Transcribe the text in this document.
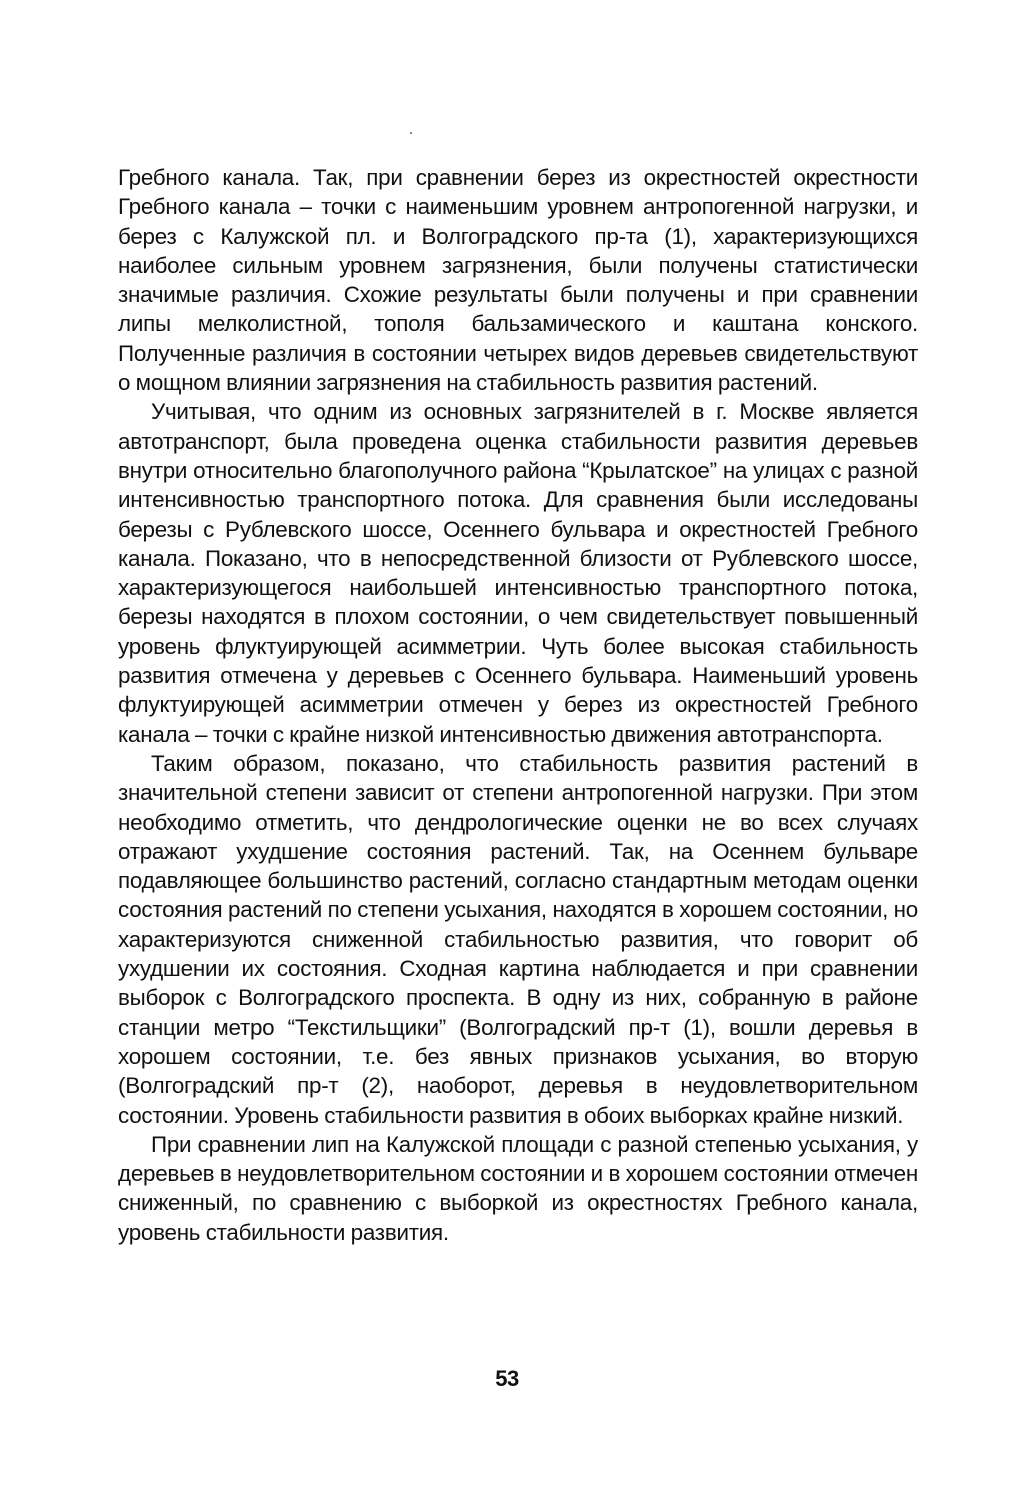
Гребного канала. Так, при сравнении берез из окрестностей окрестности Гребного канала – точки с наименьшим уровнем антропогенной нагрузки, и берез с Калужской пл. и Волгоградского пр-та (1), характеризующихся наиболее сильным уровнем загрязнения, были получены статистически значимые различия. Схожие результаты были получены и при сравнении липы мелколистной, тополя бальзамического и каштана конского. Полученные различия в состоянии четырех видов деревьев свидетельствуют о мощном влиянии загрязнения на стабильность развития растений.

Учитывая, что одним из основных загрязнителей в г. Москве является автотранспорт, была проведена оценка стабильности развития деревьев внутри относительно благополучного района “Крылатское” на улицах с разной интенсивностью транспортного потока. Для сравнения были исследованы березы с Рублевского шоссе, Осеннего бульвара и окрестностей Гребного канала. Показано, что в непосредственной близости от Рублевского шоссе, характеризующегося наибольшей интенсивностью транспортного потока, березы находятся в плохом состоянии, о чем свидетельствует повышенный уровень флуктуирующей асимметрии. Чуть более высокая стабильность развития отмечена у деревьев с Осеннего бульвара. Наименьший уровень флуктуирующей асимметрии отмечен у берез из окрестностей Гребного канала – точки с крайне низкой интенсивностью движения автотранспорта.

Таким образом, показано, что стабильность развития растений в значительной степени зависит от степени антропогенной нагрузки. При этом необходимо отметить, что дендрологические оценки не во всех случаях отражают ухудшение состояния растений. Так, на Осеннем бульваре подавляющее большинство растений, согласно стандартным методам оценки состояния растений по степени усыхания, находятся в хорошем состоянии, но характеризуются сниженной стабильностью развития, что говорит об ухудшении их состояния. Сходная картина наблюдается и при сравнении выборок с Волгоградского проспекта. В одну из них, собранную в районе станции метро “Текстильщики” (Волгоградский пр-т (1), вошли деревья в хорошем состоянии, т.е. без явных признаков усыхания, во вторую (Волгоградский пр-т (2), наоборот, деревья в неудовлетворительном состоянии. Уровень стабильности развития в обоих выборках крайне низкий.

При сравнении лип на Калужской площади с разной степенью усыхания, у деревьев в неудовлетворительном состоянии и в хорошем состоянии отмечен сниженный, по сравнению с выборкой из окрестностях Гребного канала, уровень стабильности развития.

53
